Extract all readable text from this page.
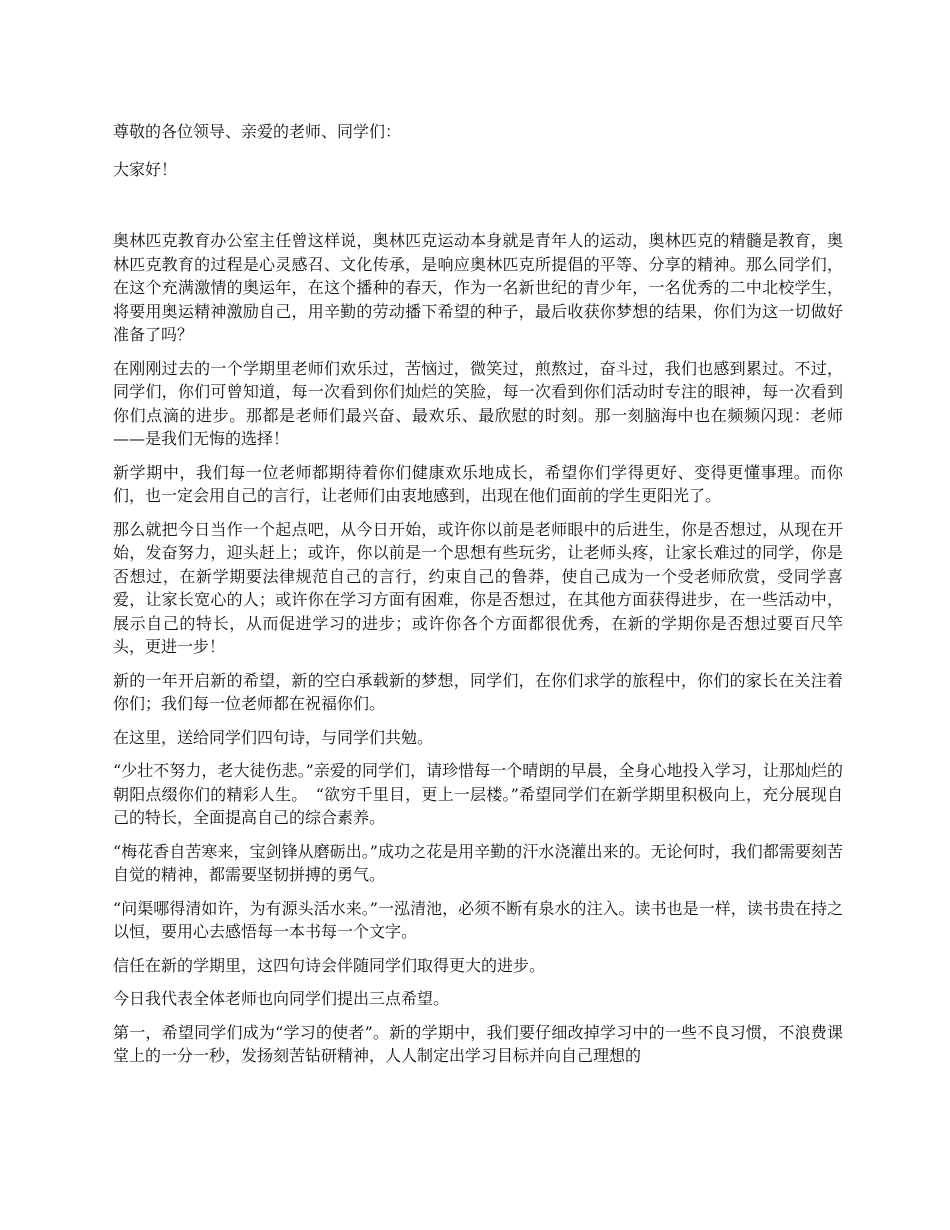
尊敬的各位领导、亲爱的老师、同学们：

大家好！

奥林匹克教育办公室主任曾这样说，奥林匹克运动本身就是青年人的运动，奥林匹克的精髓是教育，奥林匹克教育的过程是心灵感召、文化传承，是响应奥林匹克所提倡的平等、分享的精神。那么同学们，在这个充满激情的奥运年，在这个播种的春天，作为一名新世纪的青少年，一名优秀的二中北校学生，将要用奥运精神激励自己，用辛勤的劳动播下希望的种子，最后收获你梦想的结果，你们为这一切做好准备了吗？

在刚刚过去的一个学期里老师们欢乐过，苦恼过，微笑过，煎熬过，奋斗过，我们也感到累过。不过，同学们，你们可曾知道，每一次看到你们灿烂的笑脸，每一次看到你们活动时专注的眼神，每一次看到你们点滴的进步。那都是老师们最兴奋、最欢乐、最欣慰的时刻。那一刻脑海中也在频频闪现：老师——是我们无悔的选择！

新学期中，我们每一位老师都期待着你们健康欢乐地成长，希望你们学得更好、变得更懂事理。而你们，也一定会用自己的言行，让老师们由衷地感到，出现在他们面前的学生更阳光了。

那么就把今日当作一个起点吧，从今日开始，或许你以前是老师眼中的后进生，你是否想过，从现在开始，发奋努力，迎头赶上；或许，你以前是一个思想有些玩劣，让老师头疼，让家长难过的同学，你是否想过，在新学期要法律规范自己的言行，约束自己的鲁莽，使自己成为一个受老师欣赏，受同学喜爱，让家长宽心的人；或许你在学习方面有困难，你是否想过，在其他方面获得进步，在一些活动中，展示自己的特长，从而促进学习的进步；或许你各个方面都很优秀，在新的学期你是否想过要百尺竿头，更进一步！

新的一年开启新的希望，新的空白承载新的梦想，同学们，在你们求学的旅程中，你们的家长在关注着你们；我们每一位老师都在祝福你们。

在这里，送给同学们四句诗，与同学们共勉。

“少壮不努力，老大徒伤悲。”亲爱的同学们，请珍惜每一个晴朗的早晨，全身心地投入学习，让那灿烂的朝阳点缀你们的精彩人生。　“欲穷千里目，更上一层楼。”希望同学们在新学期里积极向上，充分展现自己的特长，全面提高自己的综合素养。

“梅花香自苦寒来，宝剑锋从磨砺出。”成功之花是用辛勤的汗水浇灌出来的。无论何时，我们都需要刻苦自觉的精神，都需要坚韧拼搏的勇气。

“问渠哪得清如许，为有源头活水来。”一泓清池，必须不断有泉水的注入。读书也是一样，读书贵在持之以恒，要用心去感悟每一本书每一个文字。

信任在新的学期里，这四句诗会伴随同学们取得更大的进步。

今日我代表全体老师也向同学们提出三点希望。

第一，希望同学们成为“学习的使者”。新的学期中，我们要仔细改掉学习中的一些不良习惯，不浪费课堂上的一分一秒，发扬刻苦钻研精神，人人制定出学习目标并向自己理想的
